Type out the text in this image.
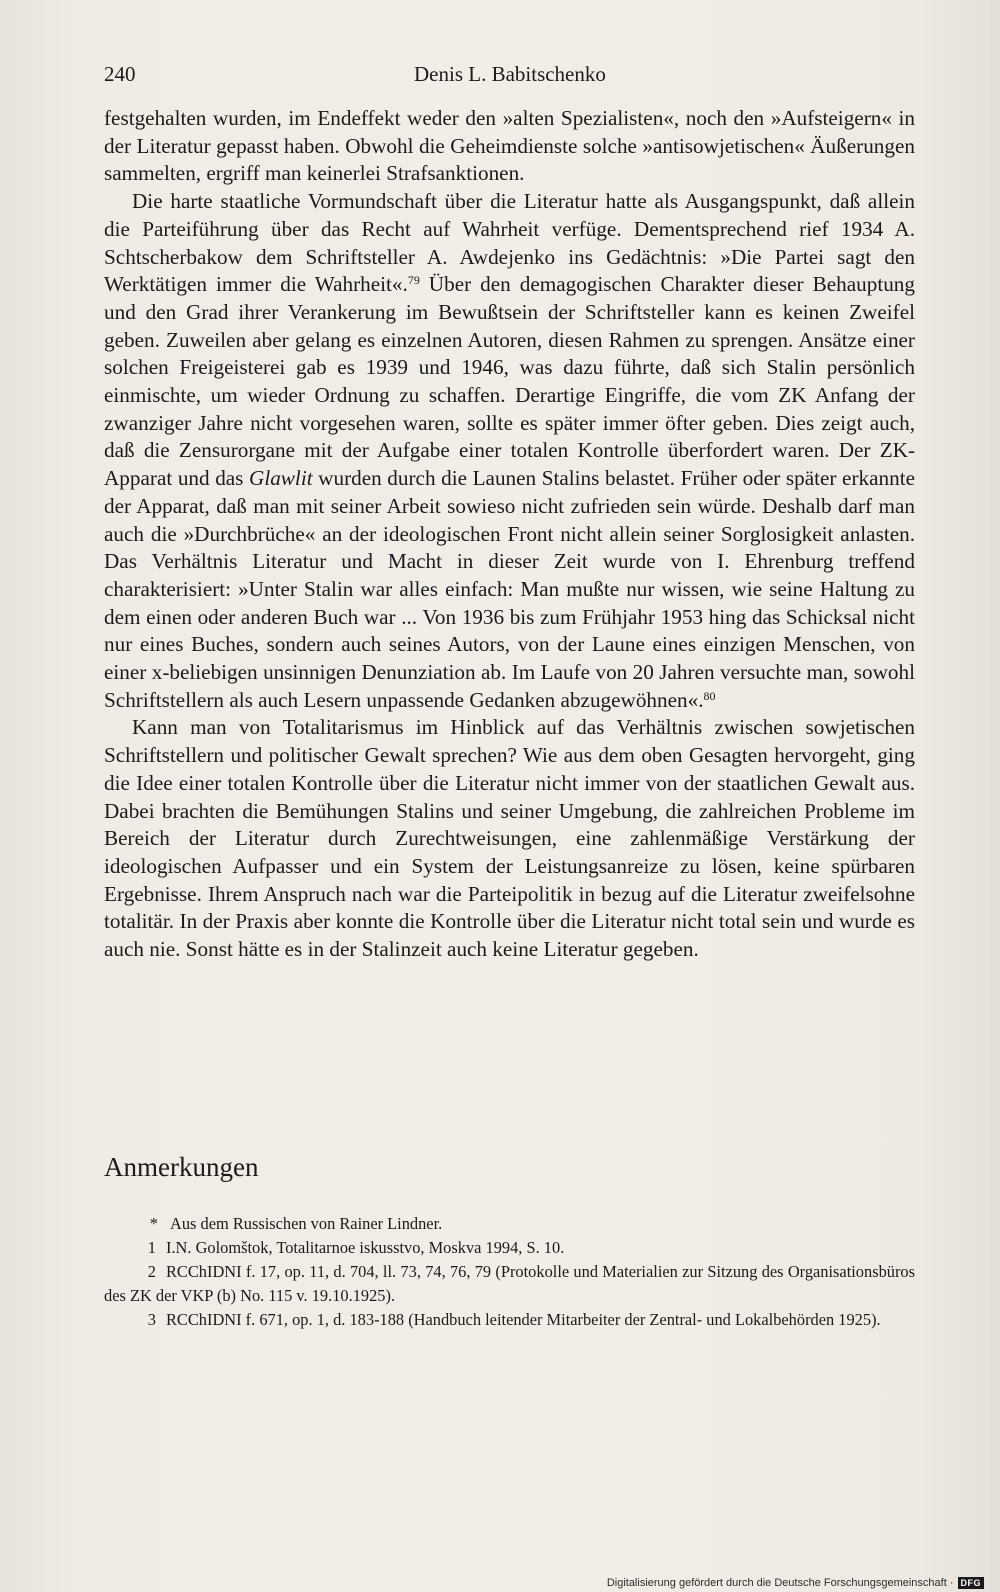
240	Denis L. Babitschenko

festgehalten wurden, im Endeffekt weder den »alten Spezialisten«, noch den »Aufsteigern« in der Literatur gepasst haben. Obwohl die Geheimdienste solche »antisowjetischen« Äußerungen sammelten, ergriff man keinerlei Strafsanktionen.

Die harte staatliche Vormundschaft über die Literatur hatte als Ausgangspunkt, daß allein die Parteiführung über das Recht auf Wahrheit verfüge. Dementsprechend rief 1934 A. Schtscherbakow dem Schriftsteller A. Awdejenko ins Gedächtnis: »Die Partei sagt den Werktätigen immer die Wahrheit«.$^{79}$ Über den demagogischen Charakter dieser Behauptung und den Grad ihrer Verankerung im Bewußtsein der Schriftsteller kann es keinen Zweifel geben. Zuweilen aber gelang es einzelnen Autoren, diesen Rahmen zu sprengen. Ansätze einer solchen Freigeisterei gab es 1939 und 1946, was dazu führte, daß sich Stalin persönlich einmischte, um wieder Ordnung zu schaffen. Derartige Eingriffe, die vom ZK Anfang der zwanziger Jahre nicht vorgesehen waren, sollte es später immer öfter geben. Dies zeigt auch, daß die Zensurorgane mit der Aufgabe einer totalen Kontrolle überfordert waren. Der ZK-Apparat und das Glawlit wurden durch die Launen Stalins belastet. Früher oder später erkannte der Apparat, daß man mit seiner Arbeit sowieso nicht zufrieden sein würde. Deshalb darf man auch die »Durchbrüche« an der ideologischen Front nicht allein seiner Sorglosigkeit anlasten. Das Verhältnis Literatur und Macht in dieser Zeit wurde von I. Ehrenburg treffend charakterisiert: »Unter Stalin war alles einfach: Man mußte nur wissen, wie seine Haltung zu dem einen oder anderen Buch war ... Von 1936 bis zum Frühjahr 1953 hing das Schicksal nicht nur eines Buches, sondern auch seines Autors, von der Laune eines einzigen Menschen, von einer x-beliebigen unsinnigen Denunziation ab. Im Laufe von 20 Jahren versuchte man, sowohl Schriftstellern als auch Lesern unpassende Gedanken abzugewöhnen«.$^{80}$

Kann man von Totalitarismus im Hinblick auf das Verhältnis zwischen sowjetischen Schriftstellern und politischer Gewalt sprechen? Wie aus dem oben Gesagten hervorgeht, ging die Idee einer totalen Kontrolle über die Literatur nicht immer von der staatlichen Gewalt aus. Dabei brachten die Bemühungen Stalins und seiner Umgebung, die zahlreichen Probleme im Bereich der Literatur durch Zurechtweisungen, eine zahlenmäßige Verstärkung der ideologischen Aufpasser und ein System der Leistungsanreize zu lösen, keine spürbaren Ergebnisse. Ihrem Anspruch nach war die Parteipolitik in bezug auf die Literatur zweifelsohne totalitär. In der Praxis aber konnte die Kontrolle über die Literatur nicht total sein und wurde es auch nie. Sonst hätte es in der Stalinzeit auch keine Literatur gegeben.

Anmerkungen
* Aus dem Russischen von Rainer Lindner.
1 I.N. Golomštok, Totalitarnoe iskusstvo, Moskva 1994, S. 10.
2 RCChIDNI f. 17, op. 11, d. 704, ll. 73, 74, 76, 79 (Protokolle und Materialien zur Sitzung des Organisationsbüros des ZK der VKP (b) No. 115 v. 19.10.1925).
3 RCChIDNI f. 671, op. 1, d. 183-188 (Handbuch leitender Mitarbeiter der Zentral- und Lokalbehörden 1925).
Digitalisierung gefördert durch die Deutsche Forschungsgemeinschaft · DFG
